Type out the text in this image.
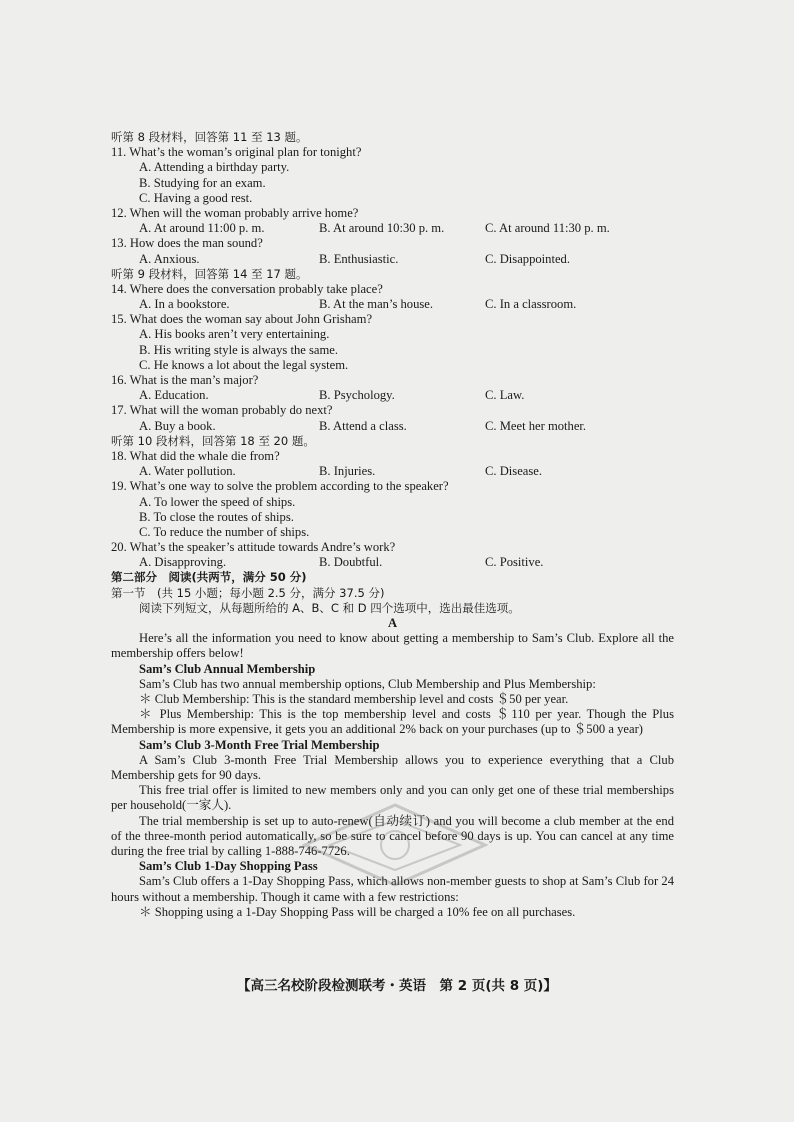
听第 8 段材料，回答第 11 至 13 题。
11. What’s the woman’s original plan for tonight?
A. Attending a birthday party.
B. Studying for an exam.
C. Having a good rest.
12. When will the woman probably arrive home?
A. At around 11:00 p. m.	B. At around 10:30 p. m.	C. At around 11:30 p. m.
13. How does the man sound?
A. Anxious.	B. Enthusiastic.	C. Disappointed.
听第 9 段材料，回答第 14 至 17 题。
14. Where does the conversation probably take place?
A. In a bookstore.	B. At the man’s house.	C. In a classroom.
15. What does the woman say about John Grisham?
A. His books aren’t very entertaining.
B. His writing style is always the same.
C. He knows a lot about the legal system.
16. What is the man’s major?
A. Education.	B. Psychology.	C. Law.
17. What will the woman probably do next?
A. Buy a book.	B. Attend a class.	C. Meet her mother.
听第 10 段材料，回答第 18 至 20 题。
18. What did the whale die from?
A. Water pollution.	B. Injuries.	C. Disease.
19. What’s one way to solve the problem according to the speaker?
A. To lower the speed of ships.
B. To close the routes of ships.
C. To reduce the number of ships.
20. What’s the speaker’s attitude towards Andre’s work?
A. Disapproving.	B. Doubtful.	C. Positive.
第二部分　阅读(共两节，满分 50 分)
第一节　(共 15 小题；每小题 2.5 分，满分 37.5 分)
阅读下列短文，从每题所给的 A、B、C 和 D 四个选项中，选出最佳选项。
A
Here’s all the information you need to know about getting a membership to Sam’s Club. Explore all the membership offers below!
Sam’s Club Annual Membership
Sam’s Club has two annual membership options, Club Membership and Plus Membership:
＊ Club Membership: This is the standard membership level and costs ＄50 per year.
＊ Plus Membership: This is the top membership level and costs ＄110 per year. Though the Plus Membership is more expensive, it gets you an additional 2% back on your purchases (up to ＄500 a year)
Sam’s Club 3-Month Free Trial Membership
A Sam’s Club 3-month Free Trial Membership allows you to experience everything that a Club Membership gets for 90 days.
This free trial offer is limited to new members only and you can only get one of these trial memberships per household(一家人).
The trial membership is set up to auto-renew(自动续订) and you will become a club member at the end of the three-month period automatically, so be sure to cancel before 90 days is up. You can cancel at any time during the free trial by calling 1-888-746-7726.
Sam’s Club 1-Day Shopping Pass
Sam’s Club offers a 1-Day Shopping Pass, which allows non-member guests to shop at Sam’s Club for 24 hours without a membership. Though it came with a few restrictions:
＊ Shopping using a 1-Day Shopping Pass will be charged a 10% fee on all purchases.
【高三名校阶段检测联考・英语　第 2 页(共 8 页)】
